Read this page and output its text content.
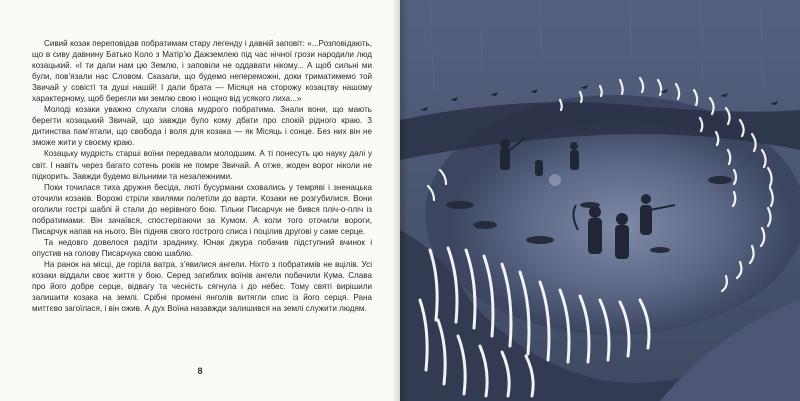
Сивий козак переповідав побратимам стару легенду і давній заповіт: «...Розповідають, що в сиву давнину Батько Коло з Матір’ю Дажземлею під час нічної грози народили люд козацький. «І ти дали нам цю Землю, і заповіли не оддавати нікому... А щоб сильні ми були, пов’язали нас Словом. Сказали, що будемо непереможні, доки триматимемо той Звичай у совісті та душі нашій! І дали брата — Місяця на сторожу козацтву нашому характерному, щоб берегли ми землю свою і нощно від усякого лиха...»

Молоді козаки уважно слухали слова мудрого побратима. Знали вони, що мають берегти козацький Звичай, що завжди було кому дбати про спокій рідного краю. З дитинства пам’ятали, що свобода і воля для козака — як Місяць і сонце. Без них він не зможе жити у своєму краю.

Козацьку мудрість старші воїни передавали молодшим. А ті понесуть цю науку далі у світ. І навіть через багато сотень років не помре Звичай. А отже, жоден ворог ніколи не підкорить. Завжди будемо вільними та незалежними.

Поки точилася тиха дружня бесіда, люті бусурмани сховались у темряві і зненацька оточили козаків. Ворожі стріли хвилями полетіли до варти. Козаки не розгубилися. Вони оголили гострі шаблі й стали до нерівного бою. Тільки Писарчук не бився пліч-о-пліч із побратимами. Він зачаївся, спостерігаючи за Кумом. А коли того оточили вороги, Писарчук напав на нього. Він підняв свого гострого списа і поцілив другові у саме серце.

Та недовго довелося радіти зраднику. Юнак джура побачив підступний вчинок і опустив на голову Писарчука свою шаблю.

На ранок на місці, де горіла ватра, з’явилися ангели. Ніхто з побратимів не вцілів. Усі козаки віддали своє життя у бою. Серед загиблих воїнів ангели побачили Кума. Слава про його добре серце, відвагу та чесність сягнула і до небес. Тому святі вирішили залишити козака на землі. Срібні променi янголів витягли спис із його серця. Рана миттєво загоїлася, і він ожив. А дух Воїна назавжди залишився на землі служити людям.

8
